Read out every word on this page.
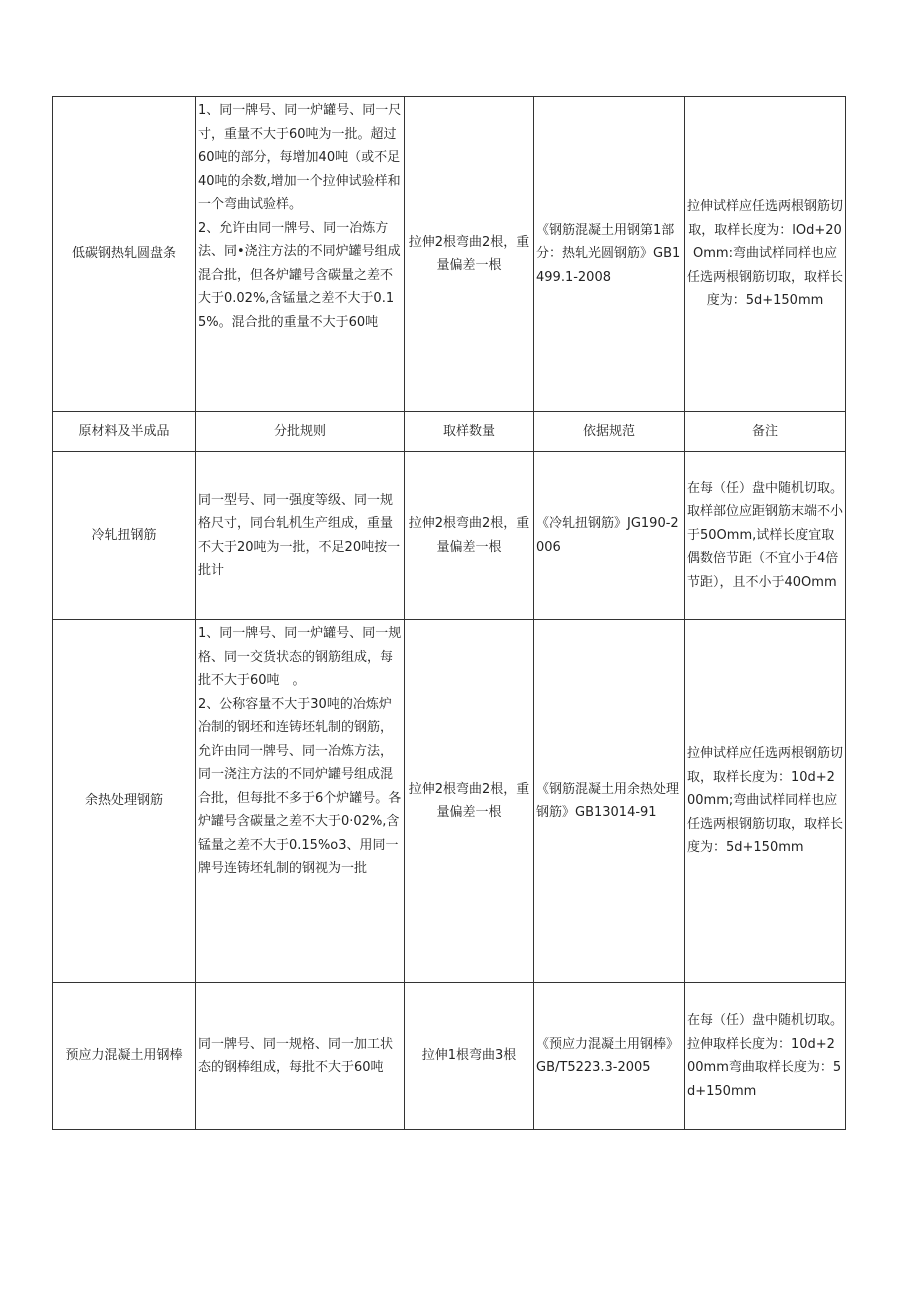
低碳钢热轧圆盘条	1、同一牌号、同一炉罐号、同一尺寸，重量不大于60吨为一批。超过60吨的部分，每增加40吨（或不足40吨的余数,增加一个拉伸试验样和一个弯曲试验样。
2、允许由同一牌号、同一冶炼方法、同•浇注方法的不同炉罐号组成混合批，但各炉罐号含碳量之差不大于0.02%,含锰量之差不大于0.15%。混合批的重量不大于60吨	拉伸2根弯曲2根，重量偏差一根	《钢筋混凝土用钢第1部分：热轧光圆钢筋》GB1499.1-2008	拉伸试样应任选两根钢筋切取，取样长度为：lOd+20Omm:弯曲试样同样也应任选两根钢筋切取，取样长度为：5d+150mm
原材料及半成品	分批规则	取样数量	依据规范	备注
冷轧扭钢筋	同一型号、同一强度等级、同一规格尺寸，同台轧机生产组成，重量不大于20吨为一批，不足20吨按一批计	拉伸2根弯曲2根，重量偏差一根	《冷轧扭钢筋》JG190-2006	在每（任）盘中随机切取。取样部位应距钢筋末端不小于50Omm,试样长度宜取偶数倍节距（不宜小于4倍节距），且不小于40Omm
余热处理钢筋	1、同一牌号、同一炉罐号、同一规格、同一交货状态的钢筋组成，每批不大于60吨　。
2、公称容量不大于30吨的冶炼炉冶制的钢坯和连铸坯轧制的钢筋，允许由同一牌号、同一冶炼方法，同一浇注方法的不同炉罐号组成混合批，但每批不多于6个炉罐号。各炉罐号含碳量之差不大于0·02%,含锰量之差不大于0.15%o3、用同一牌号连铸坯轧制的钢视为一批	拉伸2根弯曲2根，重量偏差一根	《钢筋混凝土用余热处理钢筋》GB13014-91	拉伸试样应任选两根钢筋切取，取样长度为：10d+200mm;弯曲试样同样也应任选两根钢筋切取，取样长度为：5d+150mm
预应力混凝土用钢棒	同一牌号、同一规格、同一加工状态的钢棒组成，每批不大于60吨	拉伸1根弯曲3根	《预应力混凝土用钢棒》GB/T5223.3-2005	在每（任）盘中随机切取。拉伸取样长度为：10d+200mm弯曲取样长度为：5d+150mm
